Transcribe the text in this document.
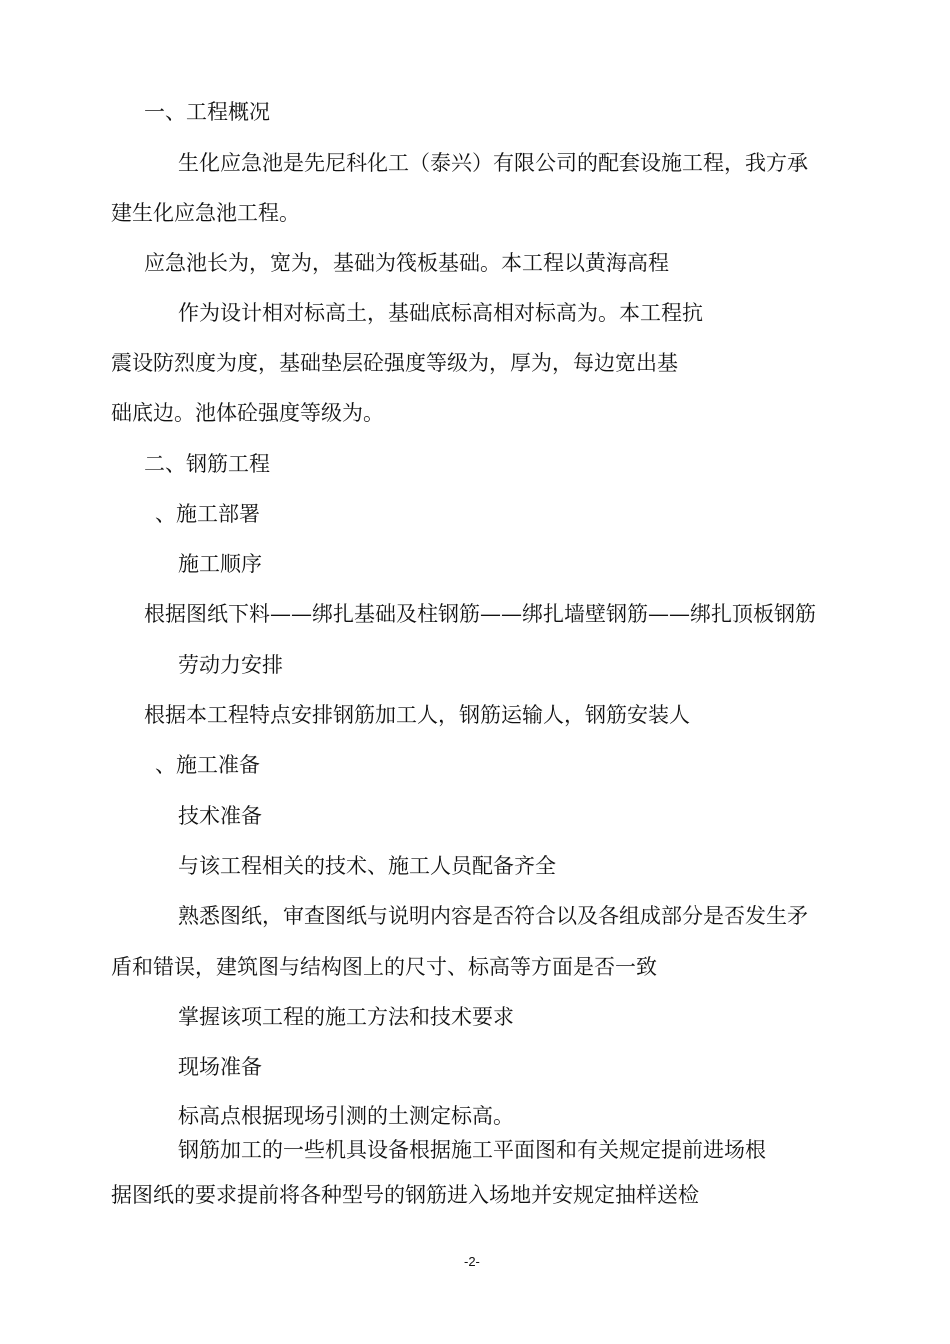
一、工程概况
生化应急池是先尼科化工（泰兴）有限公司的配套设施工程，我方承
建生化应急池工程。
应急池长为，宽为，基础为筏板基础。本工程以黄海高程
作为设计相对标高土，基础底标高相对标高为。本工程抗
震设防烈度为度，基础垫层砼强度等级为，厚为，每边宽出基
础底边。池体砼强度等级为。
二、钢筋工程
、施工部署
施工顺序
根据图纸下料——绑扎基础及柱钢筋——绑扎墙壁钢筋——绑扎顶板钢筋
劳动力安排
根据本工程特点安排钢筋加工人，钢筋运输人，钢筋安装人
、施工准备
技术准备
与该工程相关的技术、施工人员配备齐全
熟悉图纸，审查图纸与说明内容是否符合以及各组成部分是否发生矛
盾和错误，建筑图与结构图上的尺寸、标高等方面是否一致
掌握该项工程的施工方法和技术要求
现场准备
标高点根据现场引测的土测定标高。
钢筋加工的一些机具设备根据施工平面图和有关规定提前进场根
据图纸的要求提前将各种型号的钢筋进入场地并安规定抽样送检
-2-
